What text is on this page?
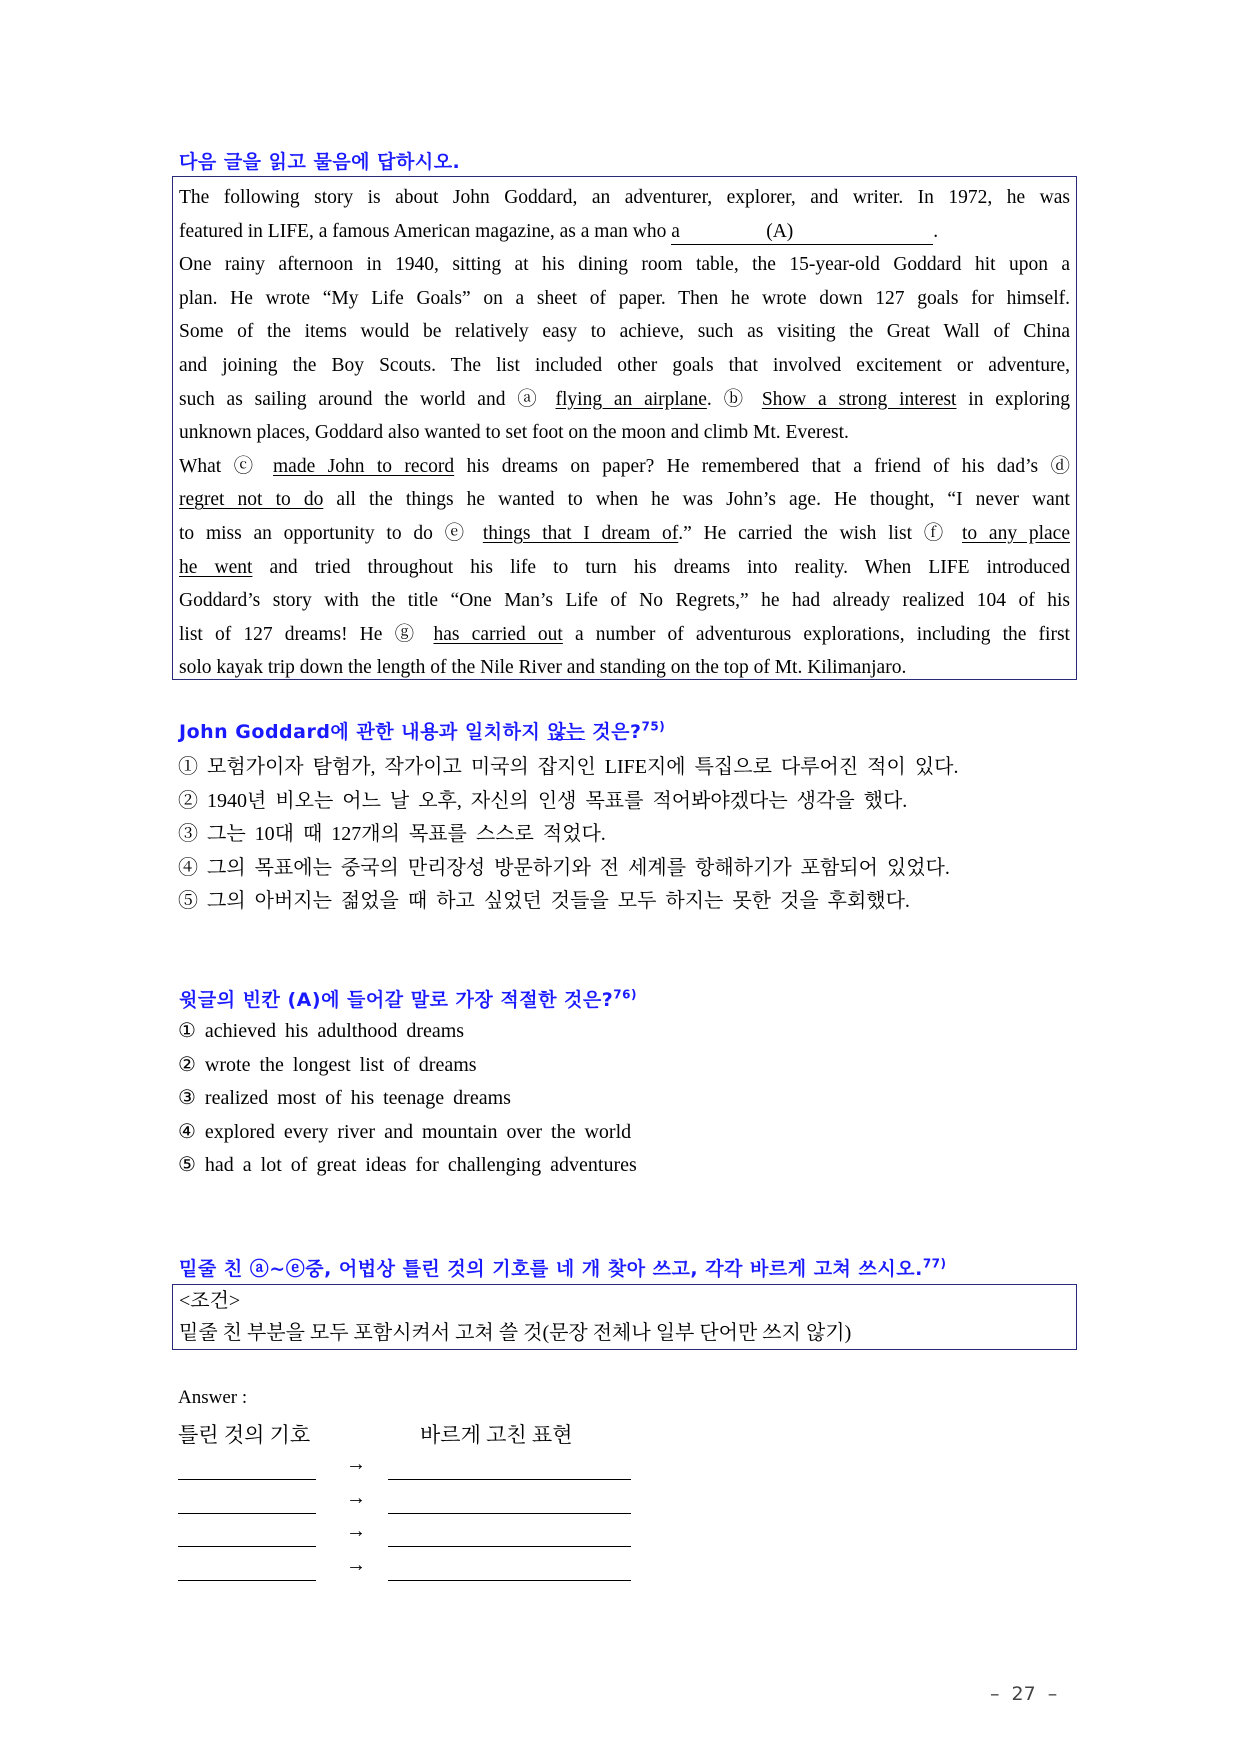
다음 글을 읽고 물음에 답하시오.
The following story is about John Goddard, an adventurer, explorer, and writer. In 1972, he was
featured in LIFE, a famous American magazine, as a man who a	(A)	.
One rainy afternoon in 1940, sitting at his dining room table, the 15-year-old Goddard hit upon a
plan. He wrote “My Life Goals” on a sheet of paper. Then he wrote down 127 goals for himself.
Some of the items would be relatively easy to achieve, such as visiting the Great Wall of China
and joining the Boy Scouts. The list included other goals that involved excitement or adventure,
such as sailing around the world and ⓐ flying an airplane. ⓑ Show a strong interest in exploring
unknown places, Goddard also wanted to set foot on the moon and climb Mt. Everest.
What ⓒ made John to record his dreams on paper? He remembered that a friend of his dad’s ⓓ
regret not to do all the things he wanted to when he was John’s age. He thought, “I never want
to miss an opportunity to do ⓔ things that I dream of.” He carried the wish list ⓕ to any place
he went and tried throughout his life to turn his dreams into reality. When LIFE introduced
Goddard’s story with the title “One Man’s Life of No Regrets,” he had already realized 104 of his
list of 127 dreams! He ⓖ has carried out a number of adventurous explorations, including the first
solo kayak trip down the length of the Nile River and standing on the top of Mt. Kilimanjaro.
John Goddard에 관한 내용과 일치하지 않는 것은?$^{75)}$
① 모험가이자 탐험가, 작가이고 미국의 잡지인 LIFE지에 특집으로 다루어진 적이 있다.
② 1940년 비오는 어느 날 오후, 자신의 인생 목표를 적어봐야겠다는 생각을 했다.
③ 그는 10대 때 127개의 목표를 스스로 적었다.
④ 그의 목표에는 중국의 만리장성 방문하기와 전 세계를 항해하기가 포함되어 있었다.
⑤ 그의 아버지는 젊었을 때 하고 싶었던 것들을 모두 하지는 못한 것을 후회했다.
윗글의 빈칸 (A)에 들어갈 말로 가장 적절한 것은?$^{76)}$
① achieved his adulthood dreams
② wrote the longest list of dreams
③ realized most of his teenage dreams
④ explored every river and mountain over the world
⑤ had a lot of great ideas for challenging adventures
밑줄 친 ⓐ~ⓔ중, 어법상 틀린 것의 기호를 네 개 찾아 쓰고, 각각 바르게 고쳐 쓰시오.$^{77)}$
<조건>
밑줄 친 부분을 모두 포함시켜서 고쳐 쓸 것(문장 전체나 일부 단어만 쓰지 않기)
Answer :
틀린 것의 기호	바르게 고친 표현
→
→
→
→
– 27 –
